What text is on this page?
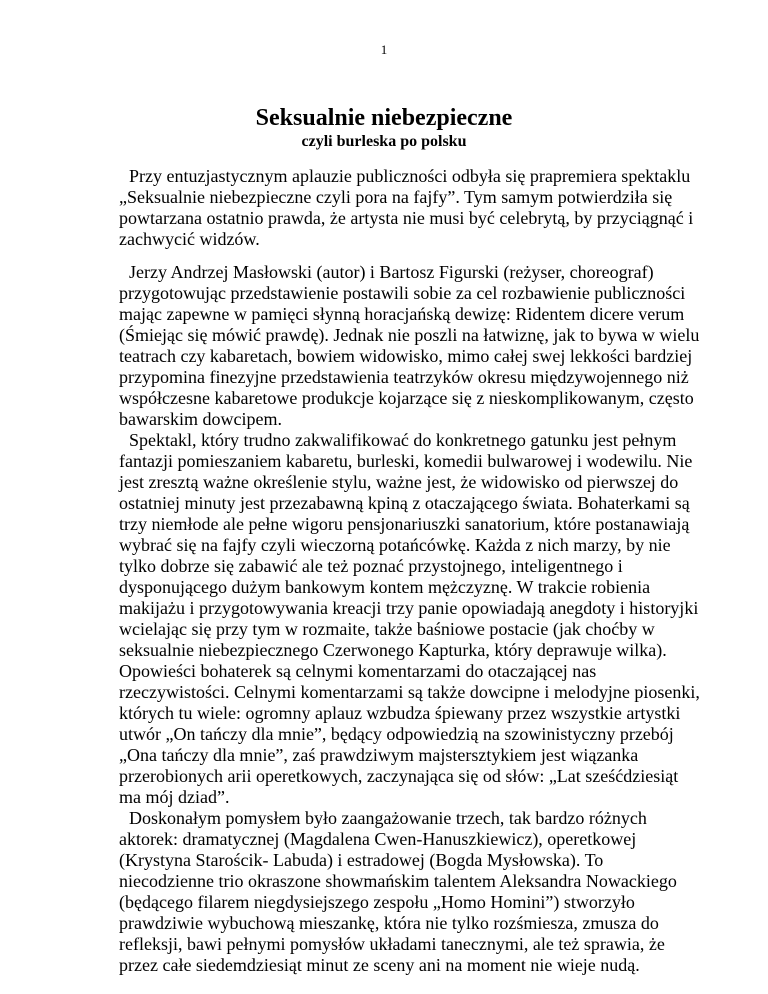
1
Seksualnie niebezpieczne
czyli burleska po polsku
Przy entuzjastycznym aplauzie publiczności odbyła się prapremiera spektaklu
„Seksualnie niebezpieczne czyli pora na fajfy”. Tym samym potwierdziła się
powtarzana ostatnio prawda, że artysta nie musi być celebrytą, by przyciągnąć i
zachwycić widzów.
Jerzy Andrzej Masłowski (autor) i Bartosz Figurski (reżyser, choreograf)
przygotowując przedstawienie postawili sobie za cel rozbawienie publiczności
mając zapewne w pamięci słynną horacjańską dewizę: Ridentem dicere verum
(Śmiejąc się mówić prawdę). Jednak nie poszli na łatwiznę, jak to bywa w wielu
teatrach czy kabaretach, bowiem widowisko, mimo całej swej lekkości bardziej
przypomina finezyjne przedstawienia teatrzyków okresu międzywojennego niż
współczesne kabaretowe produkcje kojarzące się z nieskomplikowanym, często
bawarskim dowcipem.
Spektakl, który trudno zakwalifikować do konkretnego gatunku jest pełnym
fantazji pomieszaniem kabaretu, burleski, komedii bulwarowej i wodewilu. Nie
jest zresztą ważne określenie stylu, ważne jest, że widowisko od pierwszej do
ostatniej minuty jest przezabawną kpiną z otaczającego świata. Bohaterkami są
trzy niemłode ale pełne wigoru pensjonariuszki sanatorium, które postanawiają
wybrać się na fajfy czyli wieczorną potańcówkę. Każda z nich marzy, by nie
tylko dobrze się zabawić ale też poznać przystojnego, inteligentnego i
dysponującego dużym bankowym kontem mężczyznę. W trakcie robienia
makijażu i przygotowywania kreacji trzy panie opowiadają anegdoty i historyjki
wcielając się przy tym w rozmaite, także baśniowe postacie (jak choćby w
seksualnie niebezpiecznego Czerwonego Kapturka, który deprawuje wilka).
Opowieści bohaterek są celnymi komentarzami do otaczającej nas
rzeczywistości. Celnymi komentarzami są także dowcipne i melodyjne piosenki,
których tu wiele: ogromny aplauz wzbudza śpiewany przez wszystkie artystki
utwór „On tańczy dla mnie”, będący odpowiedzią na szowinistyczny przebój
„Ona tańczy dla mnie”, zaś prawdziwym majstersztykiem jest wiązanka
przerobionych arii operetkowych, zaczynająca się od słów: „Lat sześćdziesiąt
ma mój dziad”.
Doskonałym pomysłem było zaangażowanie trzech, tak bardzo różnych
aktorek: dramatycznej (Magdalena Cwen-Hanuszkiewicz), operetkowej
(Krystyna Starościk- Labuda) i estradowej (Bogda Mysłowska). To
niecodzienne trio okraszone showmańskim talentem Aleksandra Nowackiego
(będącego filarem niegdysiejszego zespołu „Homo Homini”) stworzyło
prawdziwie wybuchową mieszankę, która nie tylko rozśmiesza, zmusza do
refleksji, bawi pełnymi pomysłów układami tanecznymi, ale też sprawia, że
przez całe siedemdziesiąt minut ze sceny ani na moment nie wieje nudą.
